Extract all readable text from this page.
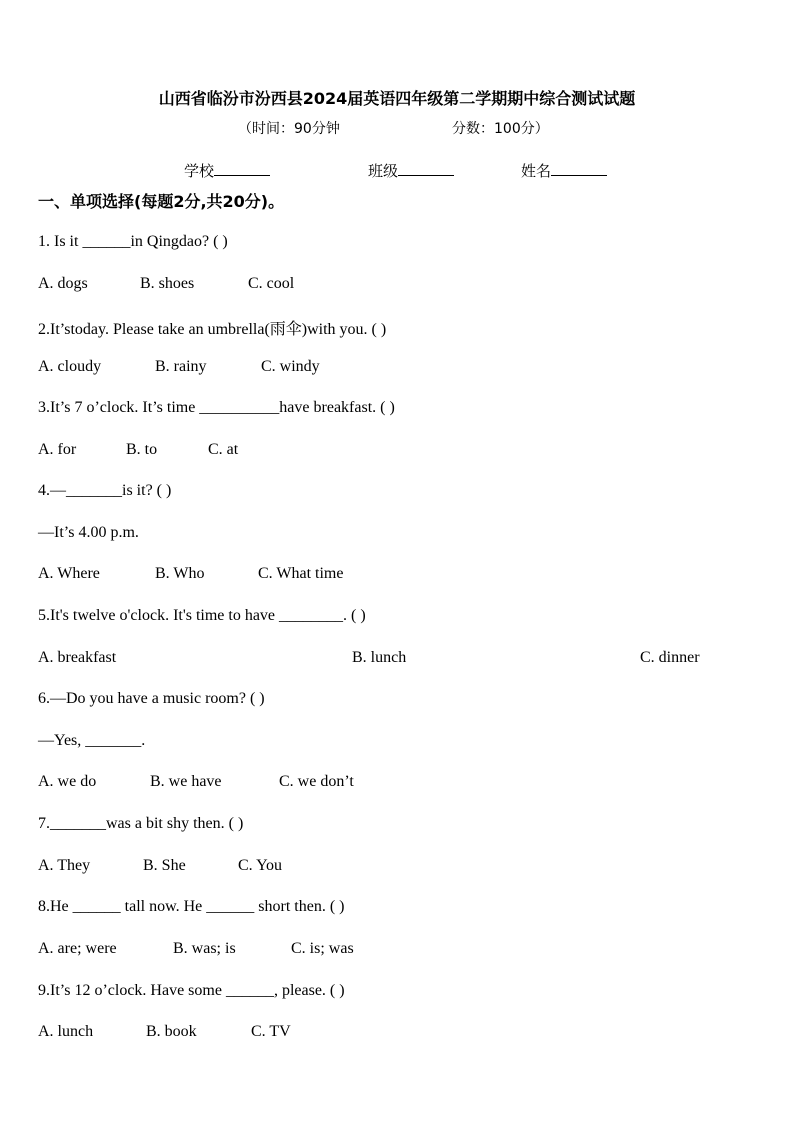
山西省临汾市汾西县2024届英语四年级第二学期期中综合测试试题
（时间：90分钟	分数：100分）
学校	班级	姓名
一、单项选择(每题2分,共20分)。
1. Is it ______in Qingdao? ( )
A. dogs	B. shoes	C. cool
2.It’stoday. Please take an umbrella(雨伞)with you. ( )
A. cloudy	B. rainy	C. windy
3.It’s 7 o’clock. It’s time __________have breakfast. ( )
A. for	B. to	C. at
4.—_______is it? ( )
—It’s 4.00 p.m.
A. Where	B. Who	C. What time
5.It's twelve o'clock. It's time to have ________. ( )
A. breakfast	B. lunch	C. dinner
6.—Do you have a music room? ( )
—Yes, _______.
A. we do	B. we have	C. we don’t
7._______was a bit shy then. ( )
A. They	B. She	C. You
8.He ______ tall now. He ______ short then. ( )
A. are; were	B. was; is	C. is; was
9.It’s 12 o’clock. Have some ______, please. ( )
A. lunch	B. book	C. TV
